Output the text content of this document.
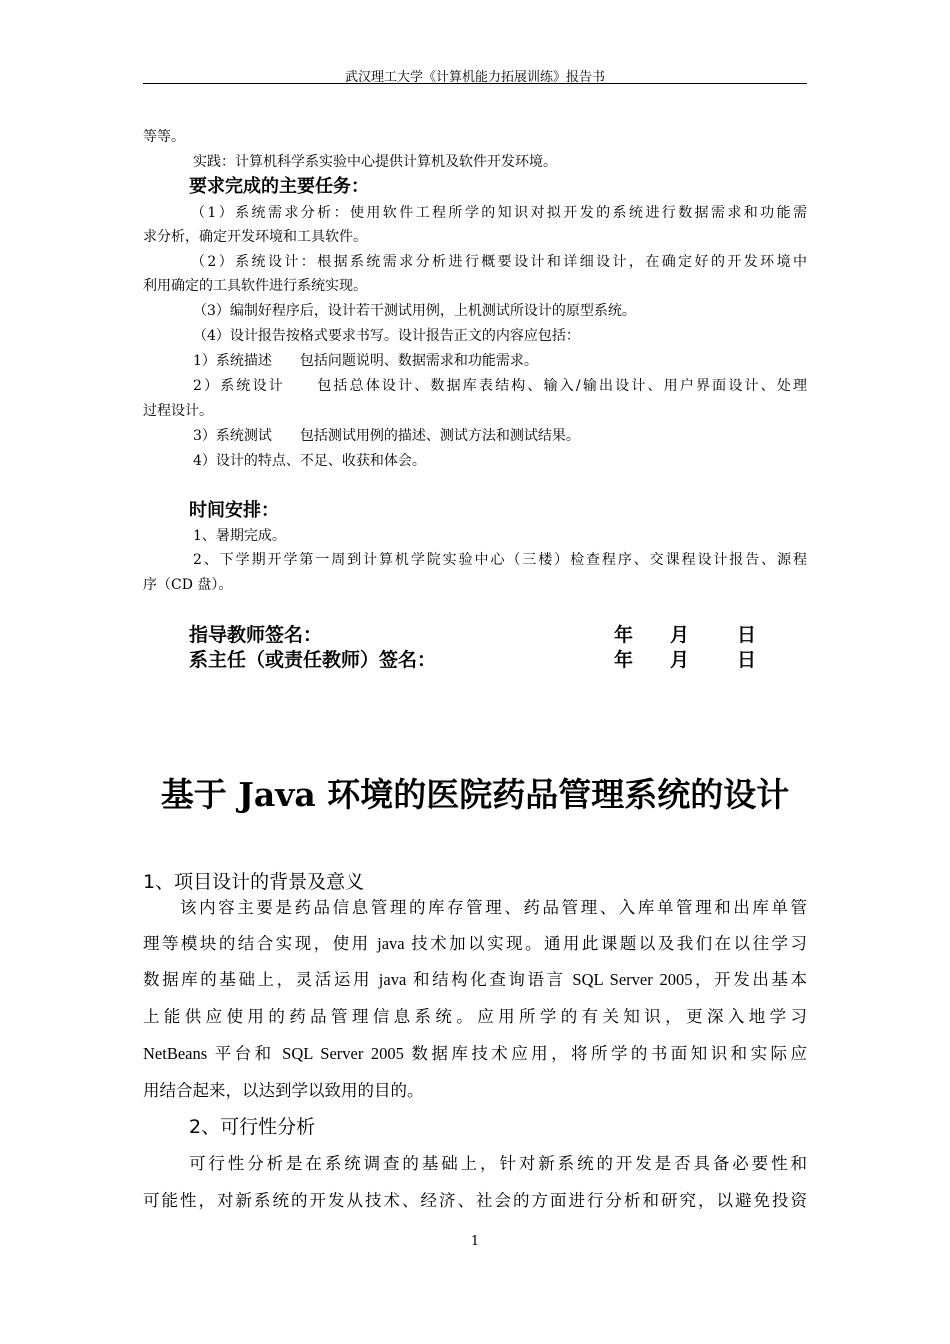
武汉理工大学《计算机能力拓展训练》报告书
等等。
实践：计算机科学系实验中心提供计算机及软件开发环境。
要求完成的主要任务：
（1）系统需求分析：使用软件工程所学的知识对拟开发的系统进行数据需求和功能需
求分析，确定开发环境和工具软件。
（2）系统设计：根据系统需求分析进行概要设计和详细设计，在确定好的开发环境中
利用确定的工具软件进行系统实现。
（3）编制好程序后，设计若干测试用例，上机测试所设计的原型系统。
（4）设计报告按格式要求书写。设计报告正文的内容应包括：
1）系统描述　　包括问题说明、数据需求和功能需求。
2）系统设计　　包括总体设计、数据库表结构、输入/输出设计、用户界面设计、处理
过程设计。
3）系统测试　　包括测试用例的描述、测试方法和测试结果。
4）设计的特点、不足、收获和体会。
时间安排：
1、暑期完成。
2、下学期开学第一周到计算机学院实验中心（三楼）检查程序、交课程设计报告、源程
序（CD 盘）。
指导教师签名：	年 月	日
系主任（或责任教师）签名：	年 月	日
基于 Java 环境的医院药品管理系统的设计
1、项目设计的背景及意义
该内容主要是药品信息管理的库存管理、药品管理、入库单管理和出库单管
理等模块的结合实现，使用 java 技术加以实现。通用此课题以及我们在以往学习
数据库的基础上，灵活运用 java 和结构化查询语言 SQL Server 2005，开发出基本
上能供应使用的药品管理信息系统。应用所学的有关知识，更深入地学习
NetBeans 平台和 SQL Server 2005 数据库技术应用，将所学的书面知识和实际应
用结合起来，以达到学以致用的目的。
2、可行性分析
可行性分析是在系统调查的基础上，针对新系统的开发是否具备必要性和
可能性，对新系统的开发从技术、经济、社会的方面进行分析和研究，以避免投资
1
